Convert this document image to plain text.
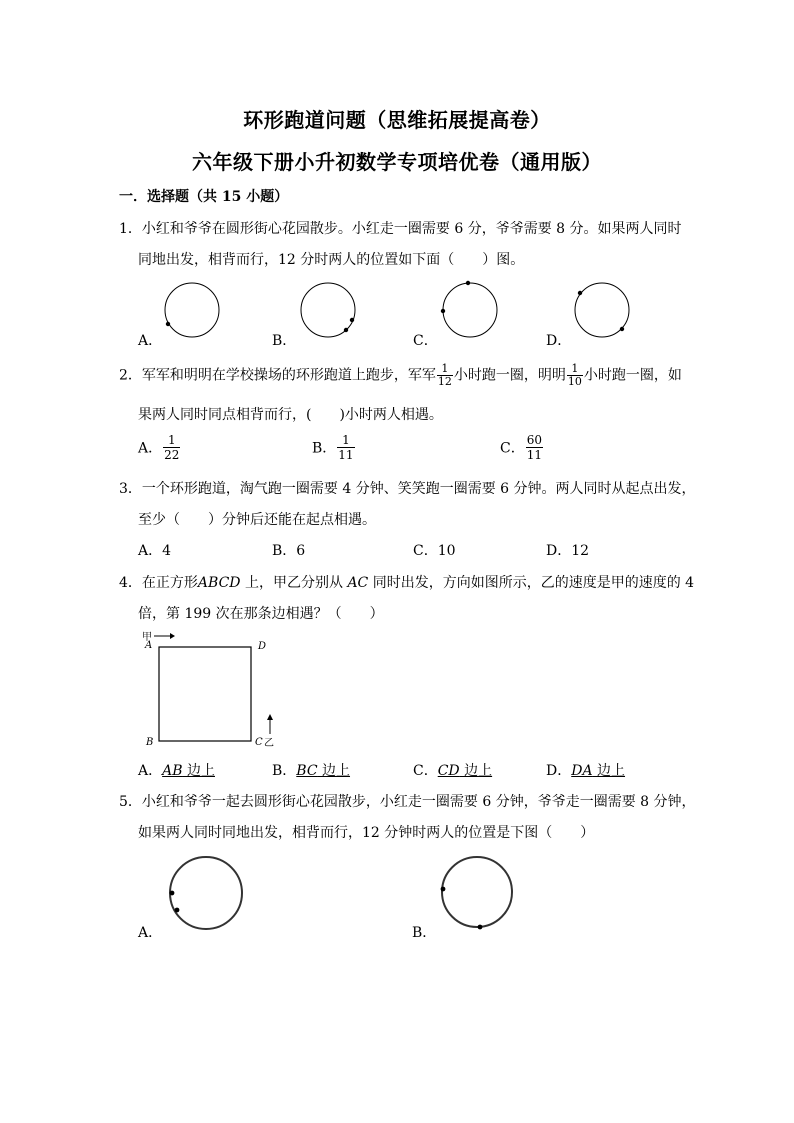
环形跑道问题（思维拓展提高卷）
六年级下册小升初数学专项培优卷（通用版）
一．选择题（共 15 小题）
1．小红和爷爷在圆形街心花园散步。小红走一圈需要 6 分，爷爷需要 8 分。如果两人同时
同地出发，相背而行，12 分时两人的位置如下面（　　）图。
A．	B．	C．	D．
2．军军和明明在学校操场的环形跑道上跑步，军军 $\frac{1}{12}$ 小时跑一圈，明明 $\frac{1}{10}$ 小时跑一圈，如
果两人同时同点相背而行，(　　)小时两人相遇。
A． $\frac{1}{22}$	B． $\frac{1}{11}$	C． $\frac{60}{11}$
3．一个环形跑道，淘气跑一圈需要 4 分钟、笑笑跑一圈需要 6 分钟。两人同时从起点出发，
至少（　　）分钟后还能在起点相遇。
A．4	B．6	C．10	D．12
4．在正方形ABCD 上，甲乙分别从 AC 同时出发，方向如图所示，乙的速度是甲的速度的 4
倍，第 199 次在那条边相遇？（　　）
甲
A	D
B	C 乙
A．AB 边上	B．BC 边上	C．CD 边上	D．DA 边上
5．小红和爷爷一起去圆形街心花园散步，小红走一圈需要 6 分钟，爷爷走一圈需要 8 分钟，
如果两人同时同地出发，相背而行，12 分钟时两人的位置是下图（　　）
A．	B．
